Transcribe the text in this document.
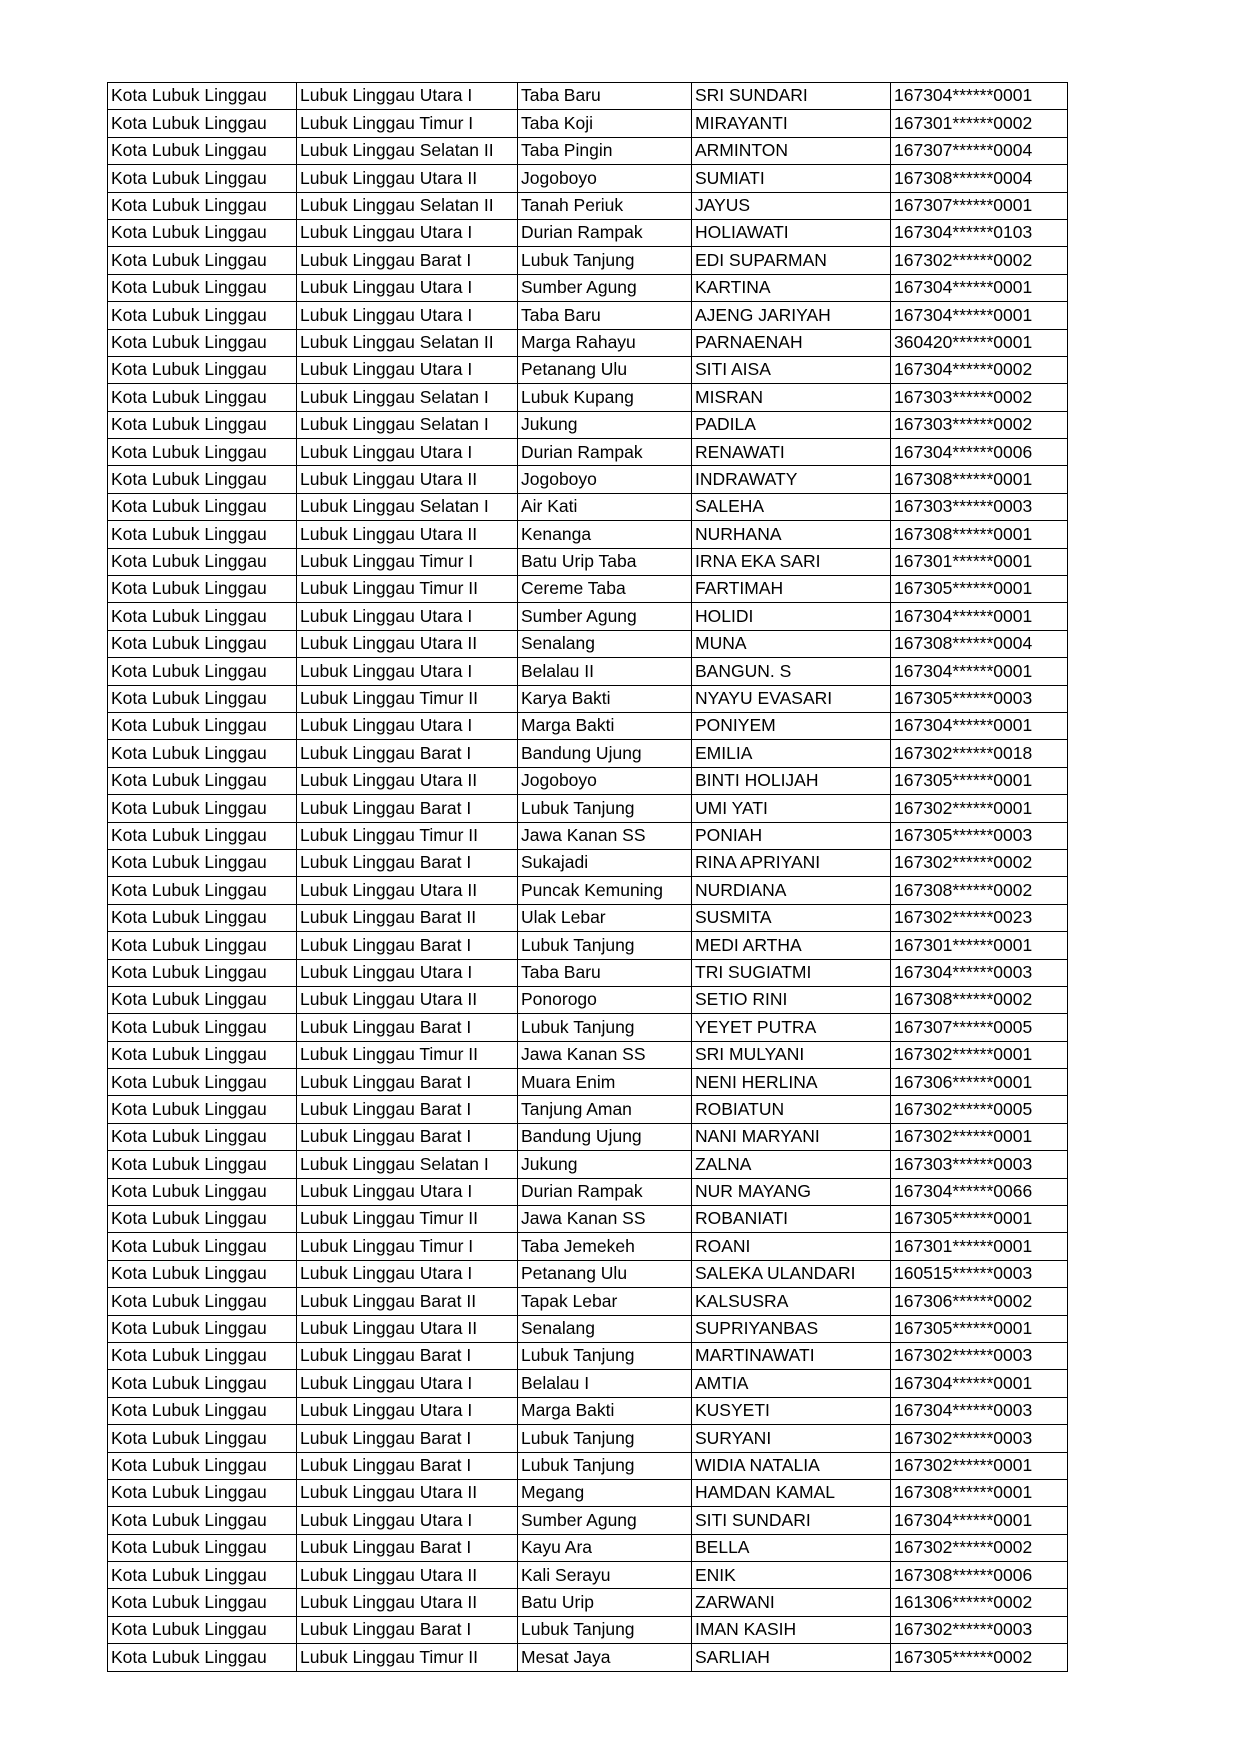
Kota Lubuk Linggau	Lubuk Linggau Utara I	Taba Baru	SRI SUNDARI	167304******0001
Kota Lubuk Linggau	Lubuk Linggau Timur I	Taba Koji	MIRAYANTI	167301******0002
Kota Lubuk Linggau	Lubuk Linggau Selatan II	Taba Pingin	ARMINTON	167307******0004
Kota Lubuk Linggau	Lubuk Linggau Utara II	Jogoboyo	SUMIATI	167308******0004
Kota Lubuk Linggau	Lubuk Linggau Selatan II	Tanah Periuk	JAYUS	167307******0001
Kota Lubuk Linggau	Lubuk Linggau Utara I	Durian Rampak	HOLIAWATI	167304******0103
Kota Lubuk Linggau	Lubuk Linggau Barat I	Lubuk Tanjung	EDI SUPARMAN	167302******0002
Kota Lubuk Linggau	Lubuk Linggau Utara I	Sumber Agung	KARTINA	167304******0001
Kota Lubuk Linggau	Lubuk Linggau Utara I	Taba Baru	AJENG JARIYAH	167304******0001
Kota Lubuk Linggau	Lubuk Linggau Selatan II	Marga Rahayu	PARNAENAH	360420******0001
Kota Lubuk Linggau	Lubuk Linggau Utara I	Petanang Ulu	SITI AISA	167304******0002
Kota Lubuk Linggau	Lubuk Linggau Selatan I	Lubuk Kupang	MISRAN	167303******0002
Kota Lubuk Linggau	Lubuk Linggau Selatan I	Jukung	PADILA	167303******0002
Kota Lubuk Linggau	Lubuk Linggau Utara I	Durian Rampak	RENAWATI	167304******0006
Kota Lubuk Linggau	Lubuk Linggau Utara II	Jogoboyo	INDRAWATY	167308******0001
Kota Lubuk Linggau	Lubuk Linggau Selatan I	Air Kati	SALEHA	167303******0003
Kota Lubuk Linggau	Lubuk Linggau Utara II	Kenanga	NURHANA	167308******0001
Kota Lubuk Linggau	Lubuk Linggau Timur I	Batu Urip Taba	IRNA EKA SARI	167301******0001
Kota Lubuk Linggau	Lubuk Linggau Timur II	Cereme Taba	FARTIMAH	167305******0001
Kota Lubuk Linggau	Lubuk Linggau Utara I	Sumber Agung	HOLIDI	167304******0001
Kota Lubuk Linggau	Lubuk Linggau Utara II	Senalang	MUNA	167308******0004
Kota Lubuk Linggau	Lubuk Linggau Utara I	Belalau II	BANGUN. S	167304******0001
Kota Lubuk Linggau	Lubuk Linggau Timur II	Karya Bakti	NYAYU EVASARI	167305******0003
Kota Lubuk Linggau	Lubuk Linggau Utara I	Marga Bakti	PONIYEM	167304******0001
Kota Lubuk Linggau	Lubuk Linggau Barat I	Bandung Ujung	EMILIA	167302******0018
Kota Lubuk Linggau	Lubuk Linggau Utara II	Jogoboyo	BINTI HOLIJAH	167305******0001
Kota Lubuk Linggau	Lubuk Linggau Barat I	Lubuk Tanjung	UMI YATI	167302******0001
Kota Lubuk Linggau	Lubuk Linggau Timur II	Jawa Kanan SS	PONIAH	167305******0003
Kota Lubuk Linggau	Lubuk Linggau Barat I	Sukajadi	RINA APRIYANI	167302******0002
Kota Lubuk Linggau	Lubuk Linggau Utara II	Puncak Kemuning	NURDIANA	167308******0002
Kota Lubuk Linggau	Lubuk Linggau Barat II	Ulak Lebar	SUSMITA	167302******0023
Kota Lubuk Linggau	Lubuk Linggau Barat I	Lubuk Tanjung	MEDI ARTHA	167301******0001
Kota Lubuk Linggau	Lubuk Linggau Utara I	Taba Baru	TRI SUGIATMI	167304******0003
Kota Lubuk Linggau	Lubuk Linggau Utara II	Ponorogo	SETIO RINI	167308******0002
Kota Lubuk Linggau	Lubuk Linggau Barat I	Lubuk Tanjung	YEYET PUTRA	167307******0005
Kota Lubuk Linggau	Lubuk Linggau Timur II	Jawa Kanan SS	SRI MULYANI	167302******0001
Kota Lubuk Linggau	Lubuk Linggau Barat I	Muara Enim	NENI HERLINA	167306******0001
Kota Lubuk Linggau	Lubuk Linggau Barat I	Tanjung Aman	ROBIATUN	167302******0005
Kota Lubuk Linggau	Lubuk Linggau Barat I	Bandung Ujung	NANI MARYANI	167302******0001
Kota Lubuk Linggau	Lubuk Linggau Selatan I	Jukung	ZALNA	167303******0003
Kota Lubuk Linggau	Lubuk Linggau Utara I	Durian Rampak	NUR MAYANG	167304******0066
Kota Lubuk Linggau	Lubuk Linggau Timur II	Jawa Kanan SS	ROBANIATI	167305******0001
Kota Lubuk Linggau	Lubuk Linggau Timur I	Taba Jemekeh	ROANI	167301******0001
Kota Lubuk Linggau	Lubuk Linggau Utara I	Petanang Ulu	SALEKA ULANDARI	160515******0003
Kota Lubuk Linggau	Lubuk Linggau Barat II	Tapak Lebar	KALSUSRA	167306******0002
Kota Lubuk Linggau	Lubuk Linggau Utara II	Senalang	SUPRIYANBAS	167305******0001
Kota Lubuk Linggau	Lubuk Linggau Barat I	Lubuk Tanjung	MARTINAWATI	167302******0003
Kota Lubuk Linggau	Lubuk Linggau Utara I	Belalau I	AMTIA	167304******0001
Kota Lubuk Linggau	Lubuk Linggau Utara I	Marga Bakti	KUSYETI	167304******0003
Kota Lubuk Linggau	Lubuk Linggau Barat I	Lubuk Tanjung	SURYANI	167302******0003
Kota Lubuk Linggau	Lubuk Linggau Barat I	Lubuk Tanjung	WIDIA NATALIA	167302******0001
Kota Lubuk Linggau	Lubuk Linggau Utara II	Megang	HAMDAN KAMAL	167308******0001
Kota Lubuk Linggau	Lubuk Linggau Utara I	Sumber Agung	SITI SUNDARI	167304******0001
Kota Lubuk Linggau	Lubuk Linggau Barat I	Kayu Ara	BELLA	167302******0002
Kota Lubuk Linggau	Lubuk Linggau Utara II	Kali Serayu	ENIK	167308******0006
Kota Lubuk Linggau	Lubuk Linggau Utara II	Batu Urip	ZARWANI	161306******0002
Kota Lubuk Linggau	Lubuk Linggau Barat I	Lubuk Tanjung	IMAN KASIH	167302******0003
Kota Lubuk Linggau	Lubuk Linggau Timur II	Mesat Jaya	SARLIAH	167305******0002
